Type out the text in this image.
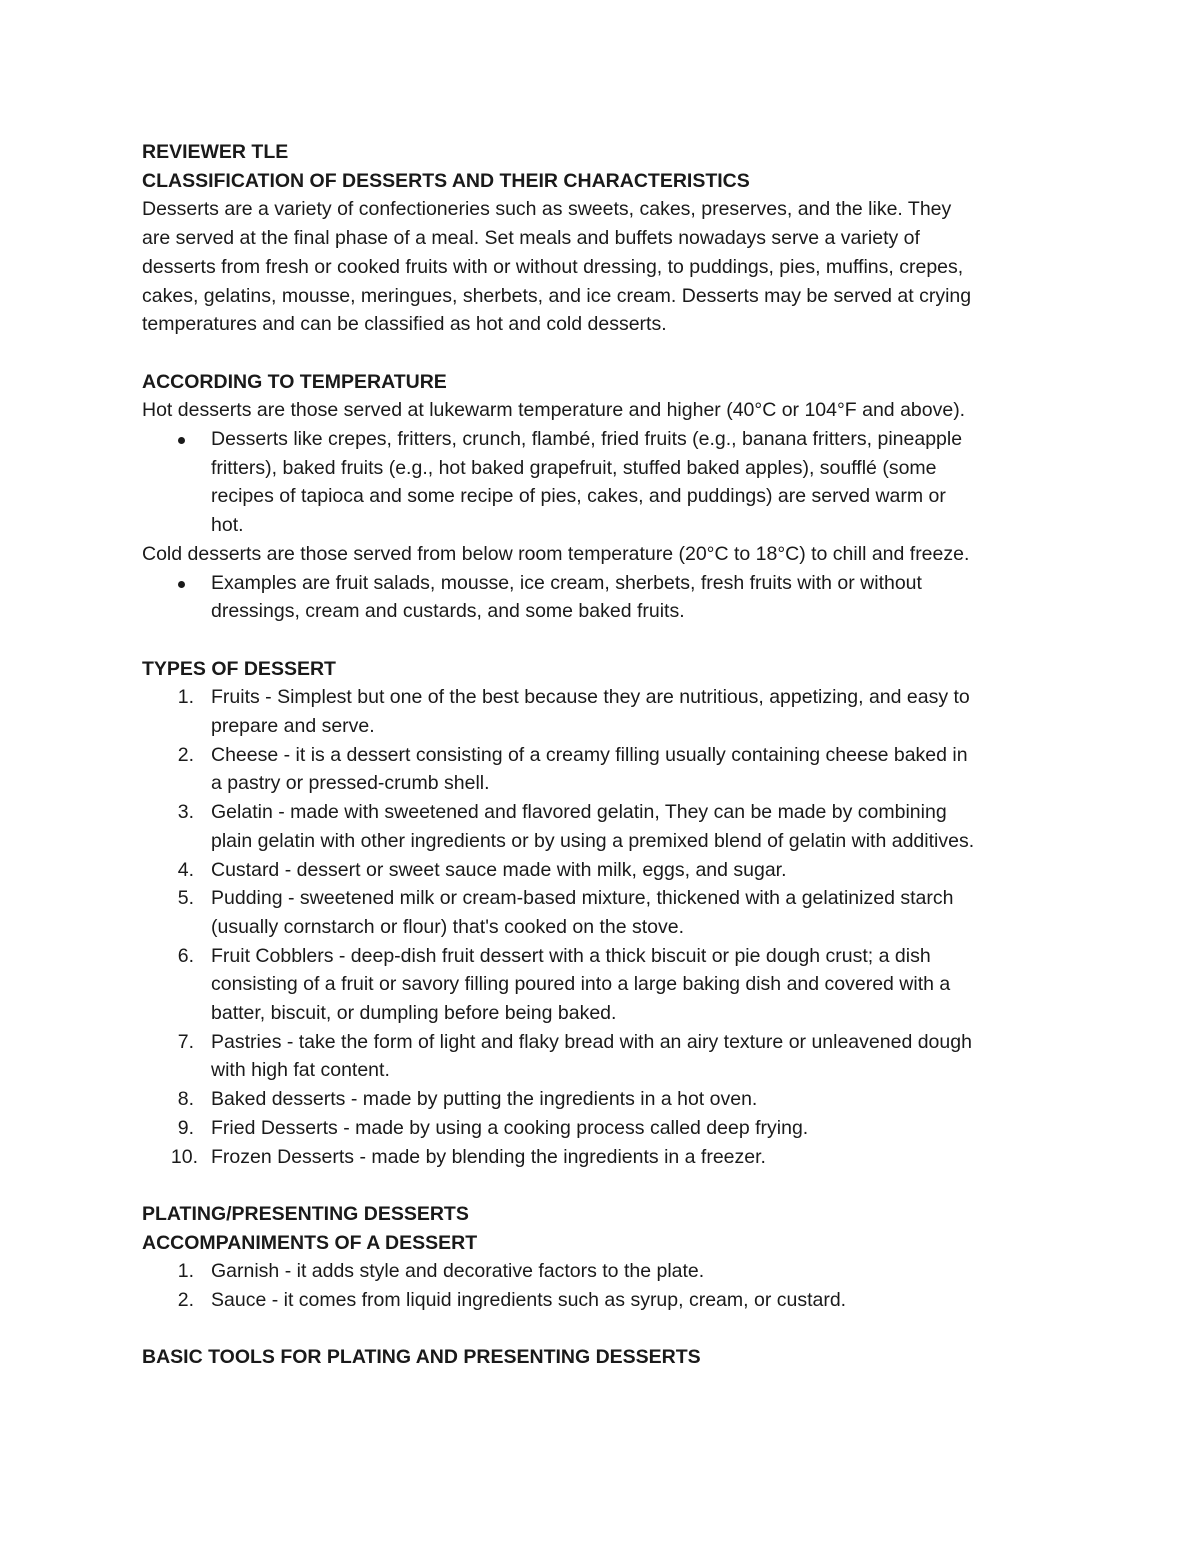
REVIEWER TLE

CLASSIFICATION OF DESSERTS AND THEIR CHARACTERISTICS

Desserts are a variety of confectioneries such as sweets, cakes, preserves, and the like. They

are served at the final phase of a meal. Set meals and buffets nowadays serve a variety of

desserts from fresh or cooked fruits with or without dressing, to puddings, pies, muffins, crepes,

cakes, gelatins, mousse, meringues, sherbets, and ice cream. Desserts may be served at crying

temperatures and can be classified as hot and cold desserts.

ACCORDING TO TEMPERATURE

Hot desserts are those served at lukewarm temperature and higher (40°C or 104°F and above).

Desserts like crepes, fritters, crunch, flambé, fried fruits (e.g., banana fritters, pineapple

fritters), baked fruits (e.g., hot baked grapefruit, stuffed baked apples), soufflé (some

recipes of tapioca and some recipe of pies, cakes, and puddings) are served warm or

hot.

Cold desserts are those served from below room temperature (20°C to 18°C) to chill and freeze.

Examples are fruit salads, mousse, ice cream, sherbets, fresh fruits with or without

dressings, cream and custards, and some baked fruits.

TYPES OF DESSERT

1. Fruits - Simplest but one of the best because they are nutritious, appetizing, and easy to

prepare and serve.

2. Cheese - it is a dessert consisting of a creamy filling usually containing cheese baked in

a pastry or pressed-crumb shell.

3. Gelatin - made with sweetened and flavored gelatin, They can be made by combining

plain gelatin with other ingredients or by using a premixed blend of gelatin with additives.

4. Custard - dessert or sweet sauce made with milk, eggs, and sugar.

5. Pudding - sweetened milk or cream-based mixture, thickened with a gelatinized starch

(usually cornstarch or flour) that's cooked on the stove.

6. Fruit Cobblers - deep-dish fruit dessert with a thick biscuit or pie dough crust; a dish

consisting of a fruit or savory filling poured into a large baking dish and covered with a

batter, biscuit, or dumpling before being baked.

7. Pastries - take the form of light and flaky bread with an airy texture or unleavened dough

with high fat content.

8. Baked desserts - made by putting the ingredients in a hot oven.

9. Fried Desserts - made by using a cooking process called deep frying.

10. Frozen Desserts - made by blending the ingredients in a freezer.

PLATING/PRESENTING DESSERTS

ACCOMPANIMENTS OF A DESSERT

1. Garnish - it adds style and decorative factors to the plate.

2. Sauce - it comes from liquid ingredients such as syrup, cream, or custard.

BASIC TOOLS FOR PLATING AND PRESENTING DESSERTS
